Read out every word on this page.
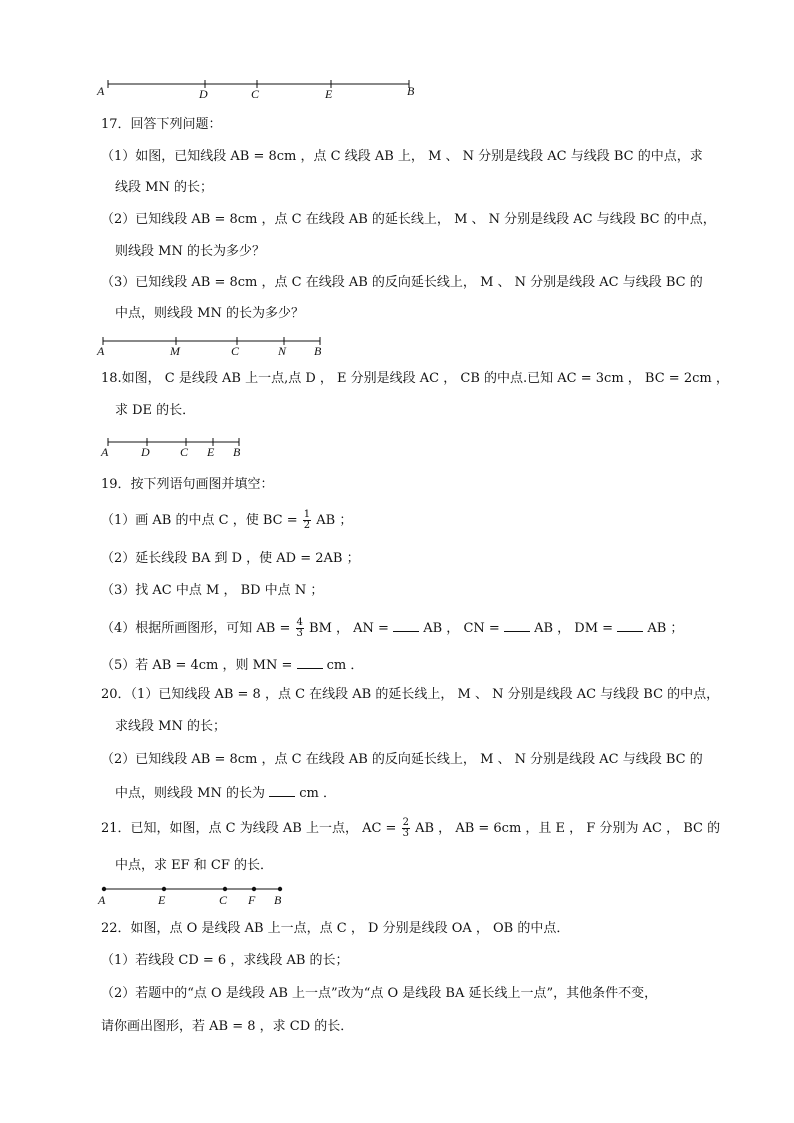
A	D	C	E	B
17．回答下列问题：
（1）如图，已知线段 AB = 8cm ，点 C 线段 AB 上， M 、 N 分别是线段 AC 与线段 BC 的中点，求
线段 MN 的长；
（2）已知线段 AB = 8cm ，点 C 在线段 AB 的延长线上， M 、 N 分别是线段 AC 与线段 BC 的中点，
则线段 MN 的长为多少？
（3）已知线段 AB = 8cm ，点 C 在线段 AB 的反向延长线上， M 、 N 分别是线段 AC 与线段 BC 的
中点，则线段 MN 的长为多少？
A	M	C	N B
18.如图， C 是线段 AB 上一点,点 D ， E 分别是线段 AC ， CB 的中点.已知 AC = 3cm ， BC = 2cm ，
求 DE 的长．
A	D	C E B
19．按下列语句画图并填空：
（1）画 AB 的中点 C ，使 BC = $\frac{1}{2}$ AB ；
（2）延长线段 BA 到 D ，使 AD = 2AB ；
（3）找 AC 中点 M ， BD 中点 N ；
（4）根据所画图形，可知 AB = $\frac{4}{3}$ BM ， AN =	AB ， CN =	AB ， DM =	AB ；
（5）若 AB = 4cm ，则 MN =	cm ．
20．（1）已知线段 AB = 8 ，点 C 在线段 AB 的延长线上， M 、 N 分别是线段 AC 与线段 BC 的中点，
求线段 MN 的长；
（2）已知线段 AB = 8cm ，点 C 在线段 AB 的反向延长线上， M 、 N 分别是线段 AC 与线段 BC 的
中点，则线段 MN 的长为	cm ．
21．已知，如图，点 C 为线段 AB 上一点， AC = $\frac{2}{3}$ AB ， AB = 6cm ，且 E ， F 分别为 AC ， BC 的
中点，求 EF 和 CF 的长．
A	E	C F B
22．如图，点 O 是线段 AB 上一点，点 C ， D 分别是线段 OA ， OB 的中点．
（1）若线段 CD = 6 ，求线段 AB 的长；
（2）若题中的“点 O 是线段 AB 上一点”改为“点 O 是线段 BA 延长线上一点”，其他条件不变，
请你画出图形，若 AB = 8 ，求 CD 的长．
